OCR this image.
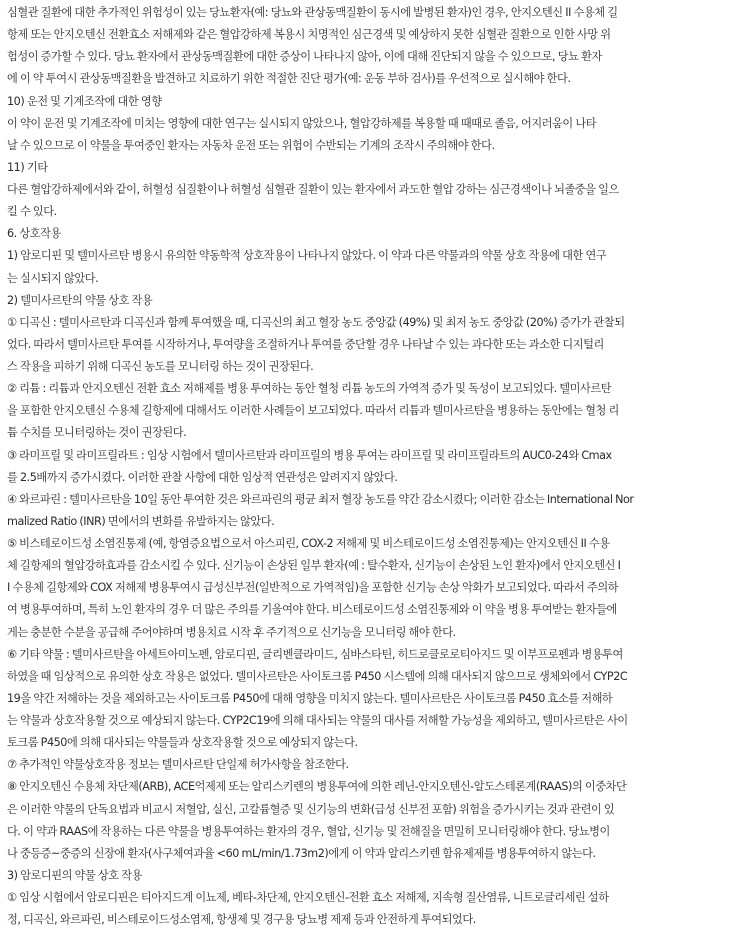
심혈관 질환에 대한 추가적인 위험성이 있는 당뇨환자(예: 당뇨와 관상동맥질환이 동시에 발병된 환자)인 경우, 안지오텐신 II 수용체 길
항제 또는 안지오텐신 전환효소 저해제와 같은 혈압강하제 복용시 치명적인 심근경색 및 예상하지 못한 심혈관 질환으로 인한 사망 위
험성이 증가할 수 있다. 당뇨 환자에서 관상동맥질환에 대한 증상이 나타나지 않아, 이에 대해 진단되지 않을 수 있으므로, 당뇨 환자
에 이 약 투여시 관상동맥질환을 발견하고 치료하기 위한 적절한 진단 평가(예: 운동 부하 검사)를 우선적으로 실시해야 한다.
10) 운전 및 기계조작에 대한 영향
이 약이 운전 및 기계조작에 미치는 영향에 대한 연구는 실시되지 않았으나, 혈압강하제를 복용할 때 때때로 졸음, 어지러움이 나타
날 수 있으므로 이 약물을 투여중인 환자는 자동차 운전 또는 위험이 수반되는 기계의 조작시 주의해야 한다.
11) 기타
다른 혈압강하제에서와 같이, 허혈성 심질환이나 허혈성 심혈관 질환이 있는 환자에서 과도한 혈압 강하는 심근경색이나 뇌졸중을 일으
킬 수 있다.
6. 상호작용
1) 암로디핀 및 텔미사르탄 병용시 유의한 약동학적 상호작용이 나타나지 않았다. 이 약과 다른 약물과의 약물 상호 작용에 대한 연구
는 실시되지 않았다.
2) 텔미사르탄의 약물 상호 작용
① 디곡신 : 텔미사르탄과 디곡신과 함께 투여했을 때, 디곡신의 최고 혈장 농도 중앙값 (49%) 및 최저 농도 중앙값 (20%) 증가가 관찰되
었다. 따라서 텔미사르탄 투여를 시작하거나, 투여량을 조절하거나 투여를 중단할 경우 나타날 수 있는 과다한 또는 과소한 디지털리
스 작용을 피하기 위해 디곡신 농도를 모니터링 하는 것이 권장된다.
② 리튬 : 리튬과 안지오텐신 전환 효소 저해제를 병용 투여하는 동안 혈청 리튬 농도의 가역적 증가 및 독성이 보고되었다. 텔미사르탄
을 포함한 안지오텐신 수용체 길항제에 대해서도 이러한 사례들이 보고되었다. 따라서 리튬과 텔미사르탄을 병용하는 동안에는 혈청 리
튬 수치를 모니터링하는 것이 권장된다.
③ 라미프릴 및 라미프릴라트 : 임상 시험에서 텔미사르탄과 라미프릴의 병용 투여는 라미프릴 및 라미프릴라트의 AUC0-24와 Cmax
를 2.5배까지 증가시켰다. 이러한 관찰 사항에 대한 임상적 연관성은 알려지지 않았다.
④ 와르파린 : 텔미사르탄을 10일 동안 투여한 것은 와르파린의 평균 최저 혈장 농도를 약간 감소시켰다; 이러한 감소는 International Nor
malized Ratio (INR) 면에서의 변화를 유발하지는 않았다.
⑤ 비스테로이드성 소염진통제 (예, 항염증요법으로서 아스피린, COX-2 저해제 및 비스테로이드성 소염진통제)는 안지오텐신 II 수용
체 길항제의 혈압강하효과를 감소시킬 수 있다. 신기능이 손상된 일부 환자(예 : 탈수환자, 신기능이 손상된 노인 환자)에서 안지오텐신 I
I 수용체 길항제와 COX 저해제 병용투여시 급성신부전(일반적으로 가역적임)을 포함한 신기능 손상 악화가 보고되었다. 따라서 주의하
여 병용투여하며, 특히 노인 환자의 경우 더 많은 주의를 기울여야 한다. 비스테로이드성 소염진통제와 이 약을 병용 투여받는 환자들에
게는 충분한 수분을 공급해 주어야하며 병용치료 시작 후 주기적으로 신기능을 모니터링 해야 한다.
⑥ 기타 약물 : 텔미사르탄을 아세트아미노펜, 암로디핀, 글리벤클라미드, 심바스타틴, 히드로클로로티아지드 및 이부프로펜과 병용투여
하였을 때 임상적으로 유의한 상호 작용은 없었다. 텔미사르탄은 사이토크롬 P450 시스템에 의해 대사되지 않으므로 생체외에서 CYP2C
19을 약간 저해하는 것을 제외하고는 사이토크롬 P450에 대해 영향을 미치지 않는다. 텔미사르탄은 사이토크롬 P450 효소를 저해하
는 약물과 상호작용할 것으로 예상되지 않는다. CYP2C19에 의해 대사되는 약물의 대사를 저해할 가능성을 제외하고, 텔미사르탄은 사이
토크롬 P450에 의해 대사되는 약물들과 상호작용할 것으로 예상되지 않는다.
⑦ 추가적인 약물상호작용 정보는 텔미사르탄 단일제 허가사항을 참조한다.
⑧ 안지오텐신 수용체 차단제(ARB), ACE억제제 또는 알리스키렌의 병용투여에 의한 레닌-안지오텐신-알도스테론계(RAAS)의 이중차단
은 이러한 약물의 단독요법과 비교시 저혈압, 실신, 고칼륨혈증 및 신기능의 변화(급성 신부전 포함) 위험을 증가시키는 것과 관련이 있
다. 이 약과 RAAS에 작용하는 다른 약물을 병용투여하는 환자의 경우, 혈압, 신기능 및 전해질을 면밀히 모니터링해야 한다. 당뇨병이
나 중등증~중증의 신장애 환자(사구체여과율 <60 mL/min/1.73m2)에게 이 약과 알리스키렌 함유제제를 병용투여하지 않는다.
3) 암로디핀의 약물 상호 작용
① 임상 시험에서 암로디핀은 티아지드계 이뇨제, 베타-차단제, 안지오텐신-전환 효소 저해제, 지속형 질산염류, 니트로글리세린 설하
정, 디곡신, 와르파린, 비스테로이드성소염제, 항생제 및 경구용 당뇨병 제제 등과 안전하게 투여되었다.
